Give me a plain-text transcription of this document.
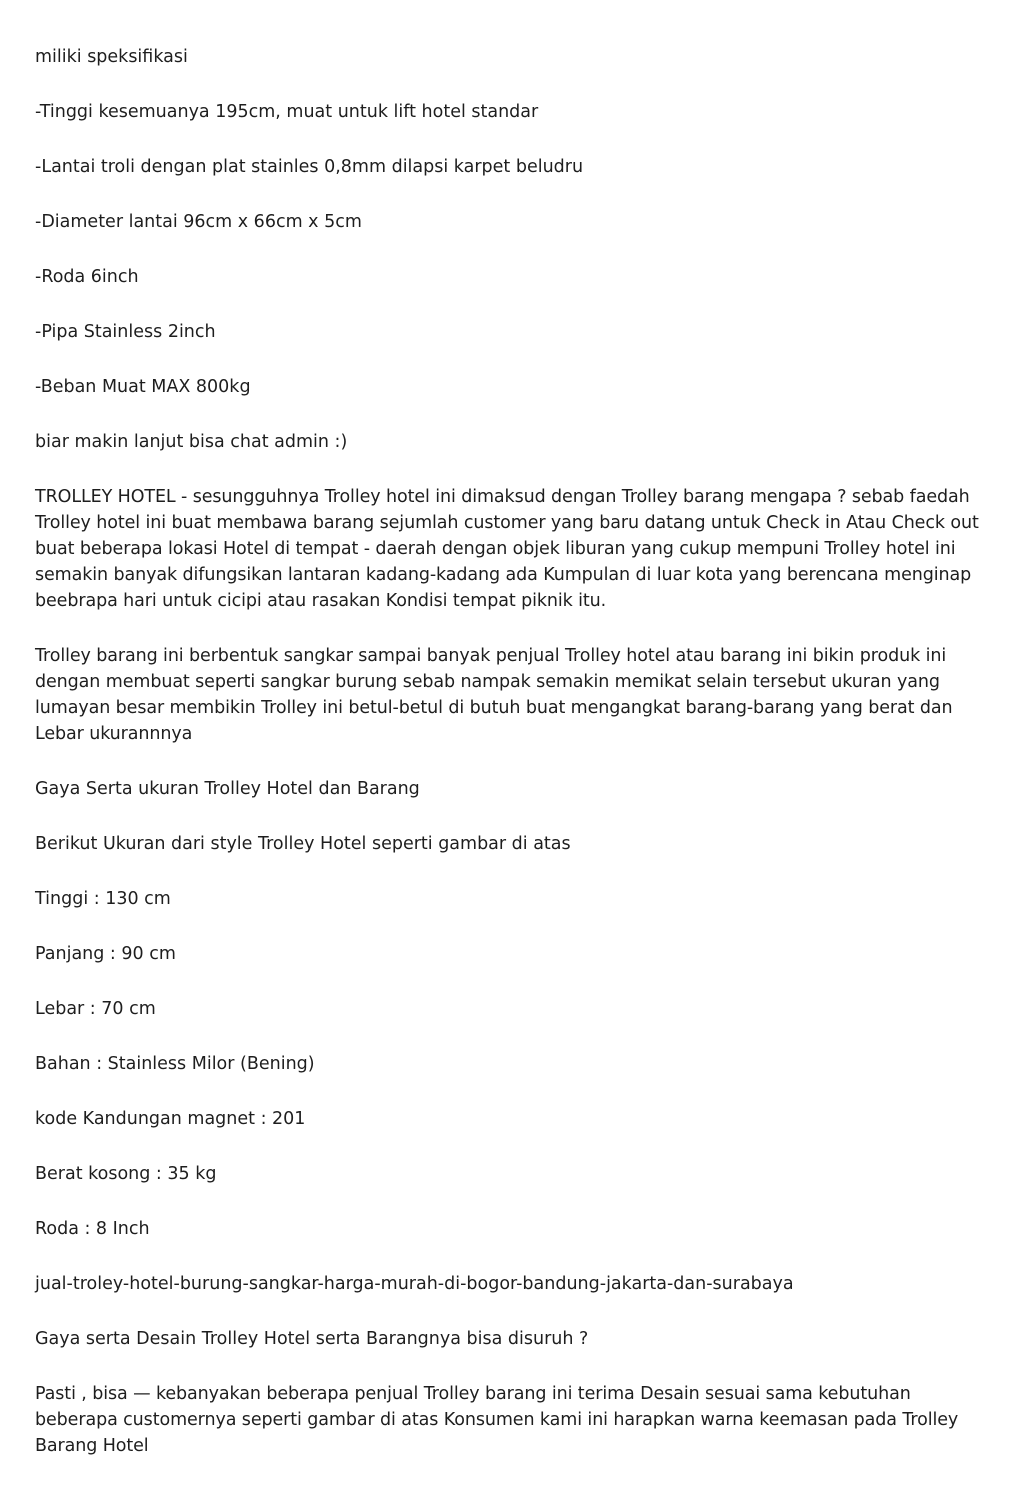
miliki speksifikasi

-Tinggi kesemuanya 195cm, muat untuk lift hotel standar

-Lantai troli dengan plat stainles 0,8mm dilapsi karpet beludru

-Diameter lantai 96cm x 66cm x 5cm

-Roda 6inch

-Pipa Stainless 2inch

-Beban Muat MAX 800kg

biar makin lanjut bisa chat admin :)

TROLLEY HOTEL - sesungguhnya Trolley hotel ini dimaksud dengan Trolley barang mengapa ? sebab faedah Trolley hotel ini buat membawa barang sejumlah customer yang baru datang untuk Check in Atau Check out buat beberapa lokasi Hotel di tempat - daerah dengan objek liburan yang cukup mempuni Trolley hotel ini semakin banyak difungsikan lantaran kadang-kadang ada Kumpulan di luar kota yang berencana menginap beebrapa hari untuk cicipi atau rasakan Kondisi tempat piknik itu.

Trolley barang ini berbentuk sangkar sampai banyak penjual Trolley hotel atau barang ini bikin produk ini dengan membuat seperti sangkar burung sebab nampak semakin memikat selain tersebut ukuran yang lumayan besar membikin Trolley ini betul-betul di butuh buat mengangkat barang-barang yang berat dan Lebar ukurannnya

Gaya Serta ukuran Trolley Hotel dan Barang

Berikut Ukuran dari style Trolley Hotel seperti gambar di atas

Tinggi : 130 cm

Panjang : 90 cm

Lebar : 70 cm

Bahan : Stainless Milor (Bening)

kode Kandungan magnet : 201

Berat kosong : 35 kg

Roda : 8 Inch

jual-troley-hotel-burung-sangkar-harga-murah-di-bogor-bandung-jakarta-dan-surabaya

Gaya serta Desain Trolley Hotel serta Barangnya bisa disuruh ?

Pasti , bisa — kebanyakan beberapa penjual Trolley barang ini terima Desain sesuai sama kebutuhan beberapa customernya seperti gambar di atas Konsumen kami ini harapkan warna keemasan pada Trolley Barang Hotel
